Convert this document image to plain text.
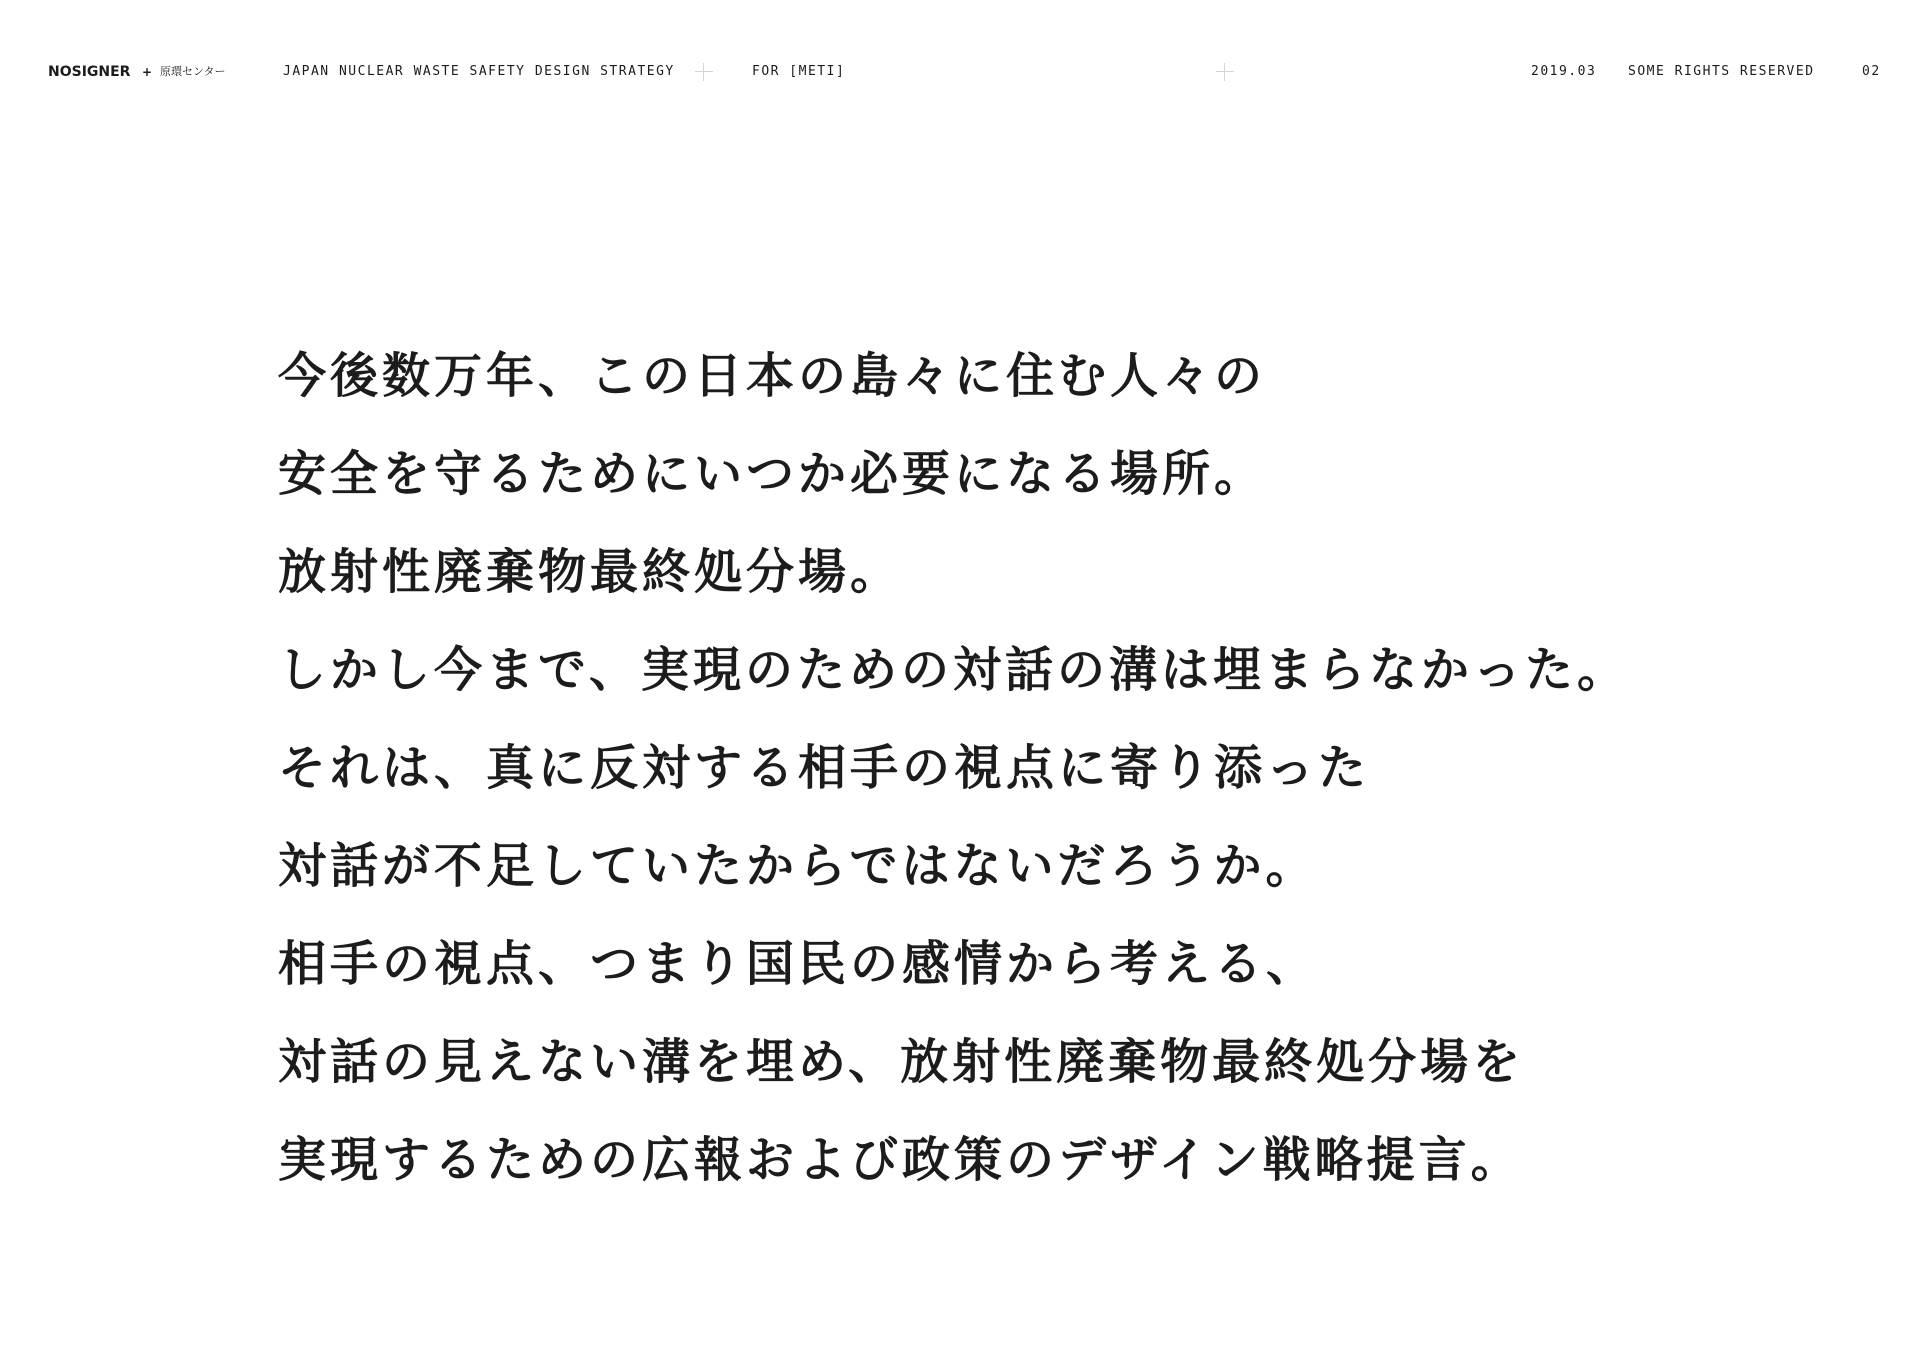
NOSIGNER + 原環センター	JAPAN NUCLEAR WASTE SAFETY DESIGN STRATEGY	FOR [METI]	2019.03 SOME RIGHTS RESERVED	02
今後数万年、この日本の島々に住む人々の
安全を守るためにいつか必要になる場所。
放射性廃棄物最終処分場。
しかし今まで、実現のための対話の溝は埋まらなかった。
それは、真に反対する相手の視点に寄り添った
対話が不足していたからではないだろうか。
相手の視点、つまり国民の感情から考える、
対話の見えない溝を埋め、放射性廃棄物最終処分場を
実現するための広報および政策のデザイン戦略提言。
